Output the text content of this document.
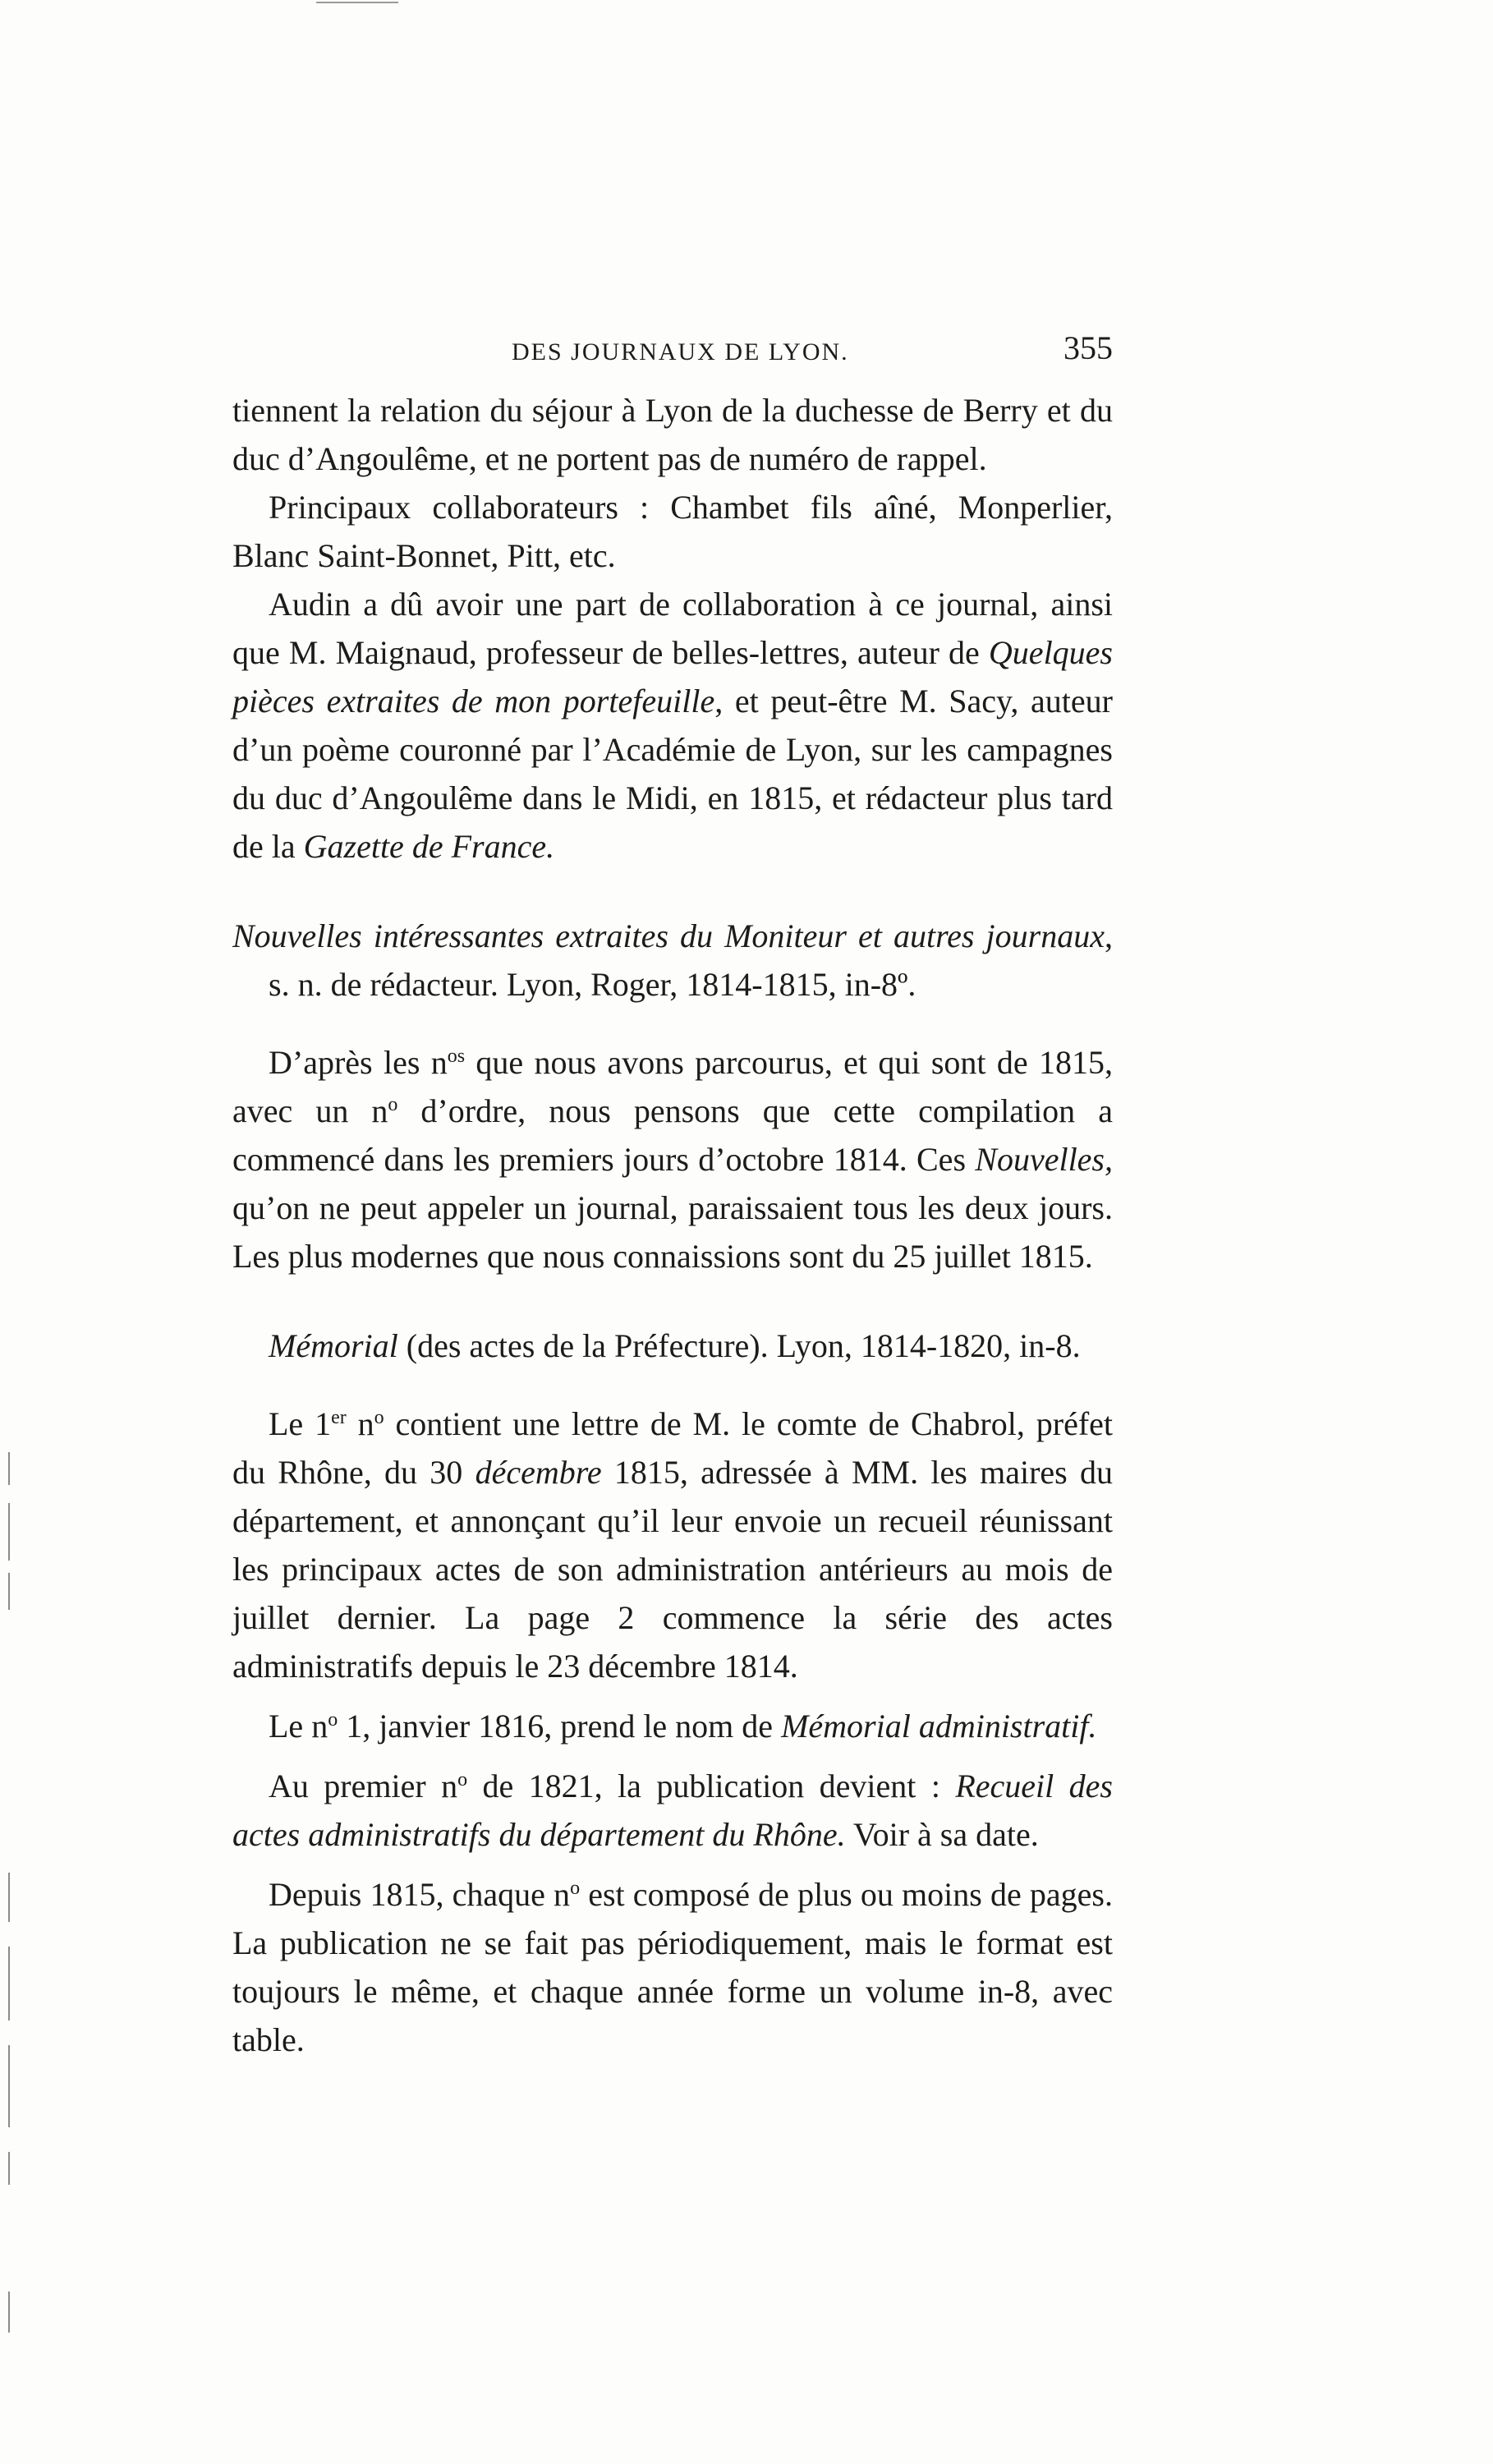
DES JOURNAUX DE LYON.	355

tiennent la relation du séjour à Lyon de la duchesse de Berry et du duc d’Angoulême, et ne portent pas de numéro de rappel.

Principaux collaborateurs : Chambet fils aîné, Monperlier, Blanc Saint-Bonnet, Pitt, etc.

Audin a dû avoir une part de collaboration à ce journal, ainsi que M. Maignaud, professeur de belles-lettres, auteur de Quelques pièces extraites de mon portefeuille, et peut-être M. Sacy, auteur d’un poème couronné par l’Académie de Lyon, sur les campagnes du duc d’Angoulême dans le Midi, en 1815, et rédacteur plus tard de la Gazette de France.

Nouvelles intéressantes extraites du Moniteur et autres journaux, s. n. de rédacteur. Lyon, Roger, 1814-1815, in-8º.

D’après les $n^{os}$ que nous avons parcourus, et qui sont de 1815, avec un $n^o$ d’ordre, nous pensons que cette compilation a commencé dans les premiers jours d’octobre 1814. Ces Nouvelles, qu’on ne peut appeler un journal, paraissaient tous les deux jours. Les plus modernes que nous connaissions sont du 25 juillet 1815.

Mémorial (des actes de la Préfecture). Lyon, 1814-1820, in-8.

Le 1er $n^o$ contient une lettre de M. le comte de Chabrol, préfet du Rhône, du 30 décembre 1815, adressée à MM. les maires du département, et annonçant qu’il leur envoie un recueil réunissant les principaux actes de son administration antérieurs au mois de juillet dernier. La page 2 commence la série des actes administratifs depuis le 23 décembre 1814.

Le $n^o$ 1, janvier 1816, prend le nom de Mémorial administratif.

Au premier $n^o$ de 1821, la publication devient : Recueil des actes administratifs du département du Rhône. Voir à sa date.

Depuis 1815, chaque $n^o$ est composé de plus ou moins de pages. La publication ne se fait pas périodiquement, mais le format est toujours le même, et chaque année forme un volume in-8, avec table.
